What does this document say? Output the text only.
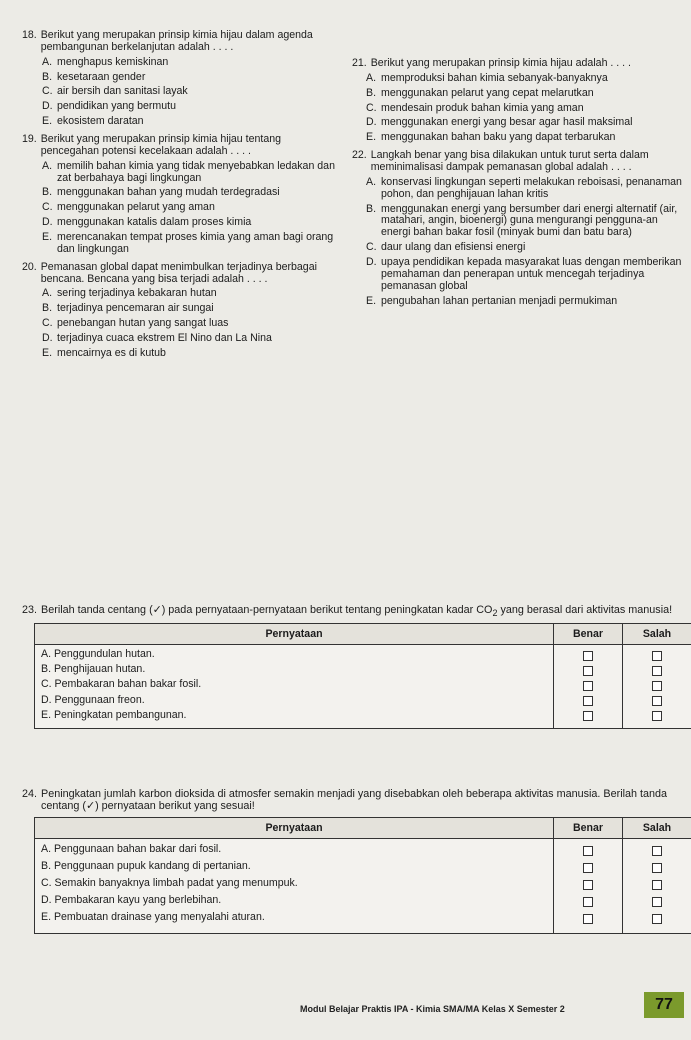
18. Berikut yang merupakan prinsip kimia hijau dalam agenda pembangunan berkelanjutan adalah . . . .
A. menghapus kemiskinan
B. kesetaraan gender
C. air bersih dan sanitasi layak
D. pendidikan yang bermutu
E. ekosistem daratan
19. Berikut yang merupakan prinsip kimia hijau tentang pencegahan potensi kecelakaan adalah . . . .
A. memilih bahan kimia yang tidak menyebabkan ledakan dan zat berbahaya bagi lingkungan
B. menggunakan bahan yang mudah terdegradasi
C. menggunakan pelarut yang aman
D. menggunakan katalis dalam proses kimia
E. merencanakan tempat proses kimia yang aman bagi orang dan lingkungan
20. Pemanasan global dapat menimbulkan terjadinya berbagai bencana. Bencana yang bisa terjadi adalah . . . .
A. sering terjadinya kebakaran hutan
B. terjadinya pencemaran air sungai
C. penebangan hutan yang sangat luas
D. terjadinya cuaca ekstrem El Nino dan La Nina
E. mencairnya es di kutub
21. Berikut yang merupakan prinsip kimia hijau adalah . . . .
A. memproduksi bahan kimia sebanyak-banyaknya
B. menggunakan pelarut yang cepat melarutkan
C. mendesain produk bahan kimia yang aman
D. menggunakan energi yang besar agar hasil maksimal
E. menggunakan bahan baku yang dapat terbarukan
22. Langkah benar yang bisa dilakukan untuk turut serta dalam meminimalisasi dampak pemanasan global adalah . . . .
A. konservasi lingkungan seperti melakukan reboisasi, penanaman pohon, dan penghijauan lahan kritis
B. menggunakan energi yang bersumber dari energi alternatif (air, matahari, angin, bioenergi) guna mengurangi pengguna-an energi bahan bakar fosil (minyak bumi dan batu bara)
C. daur ulang dan efisiensi energi
D. upaya pendidikan kepada masyarakat luas dengan memberikan pemahaman dan penerapan untuk mencegah terjadinya pemanasan global
E. pengubahan lahan pertanian menjadi permukiman
23. Berilah tanda centang (✓) pada pernyataan-pernyataan berikut tentang peningkatan kadar $CO_2$ yang berasal dari aktivitas manusia!
Pernyataan	Benar	Salah

A. Penggundulan hutan.
B. Penghijauan hutan.
C. Pembakaran bahan bakar fosil.
D. Penggunaan freon.
E. Peningkatan pembangunan.		

24. Peningkatan jumlah karbon dioksida di atmosfer semakin menjadi yang disebabkan oleh beberapa aktivitas manusia. Berilah tanda centang (✓) pernyataan berikut yang sesuai!
Pernyataan	Benar	Salah

A. Penggunaan bahan bakar dari fosil.
B. Penggunaan pupuk kandang di pertanian.
C. Semakin banyaknya limbah padat yang menumpuk.
D. Pembakaran kayu yang berlebihan.
E. Pembuatan drainase yang menyalahi aturan.		

Modul Belajar Praktis IPA - Kimia SMA/MA Kelas X Semester 2	77
